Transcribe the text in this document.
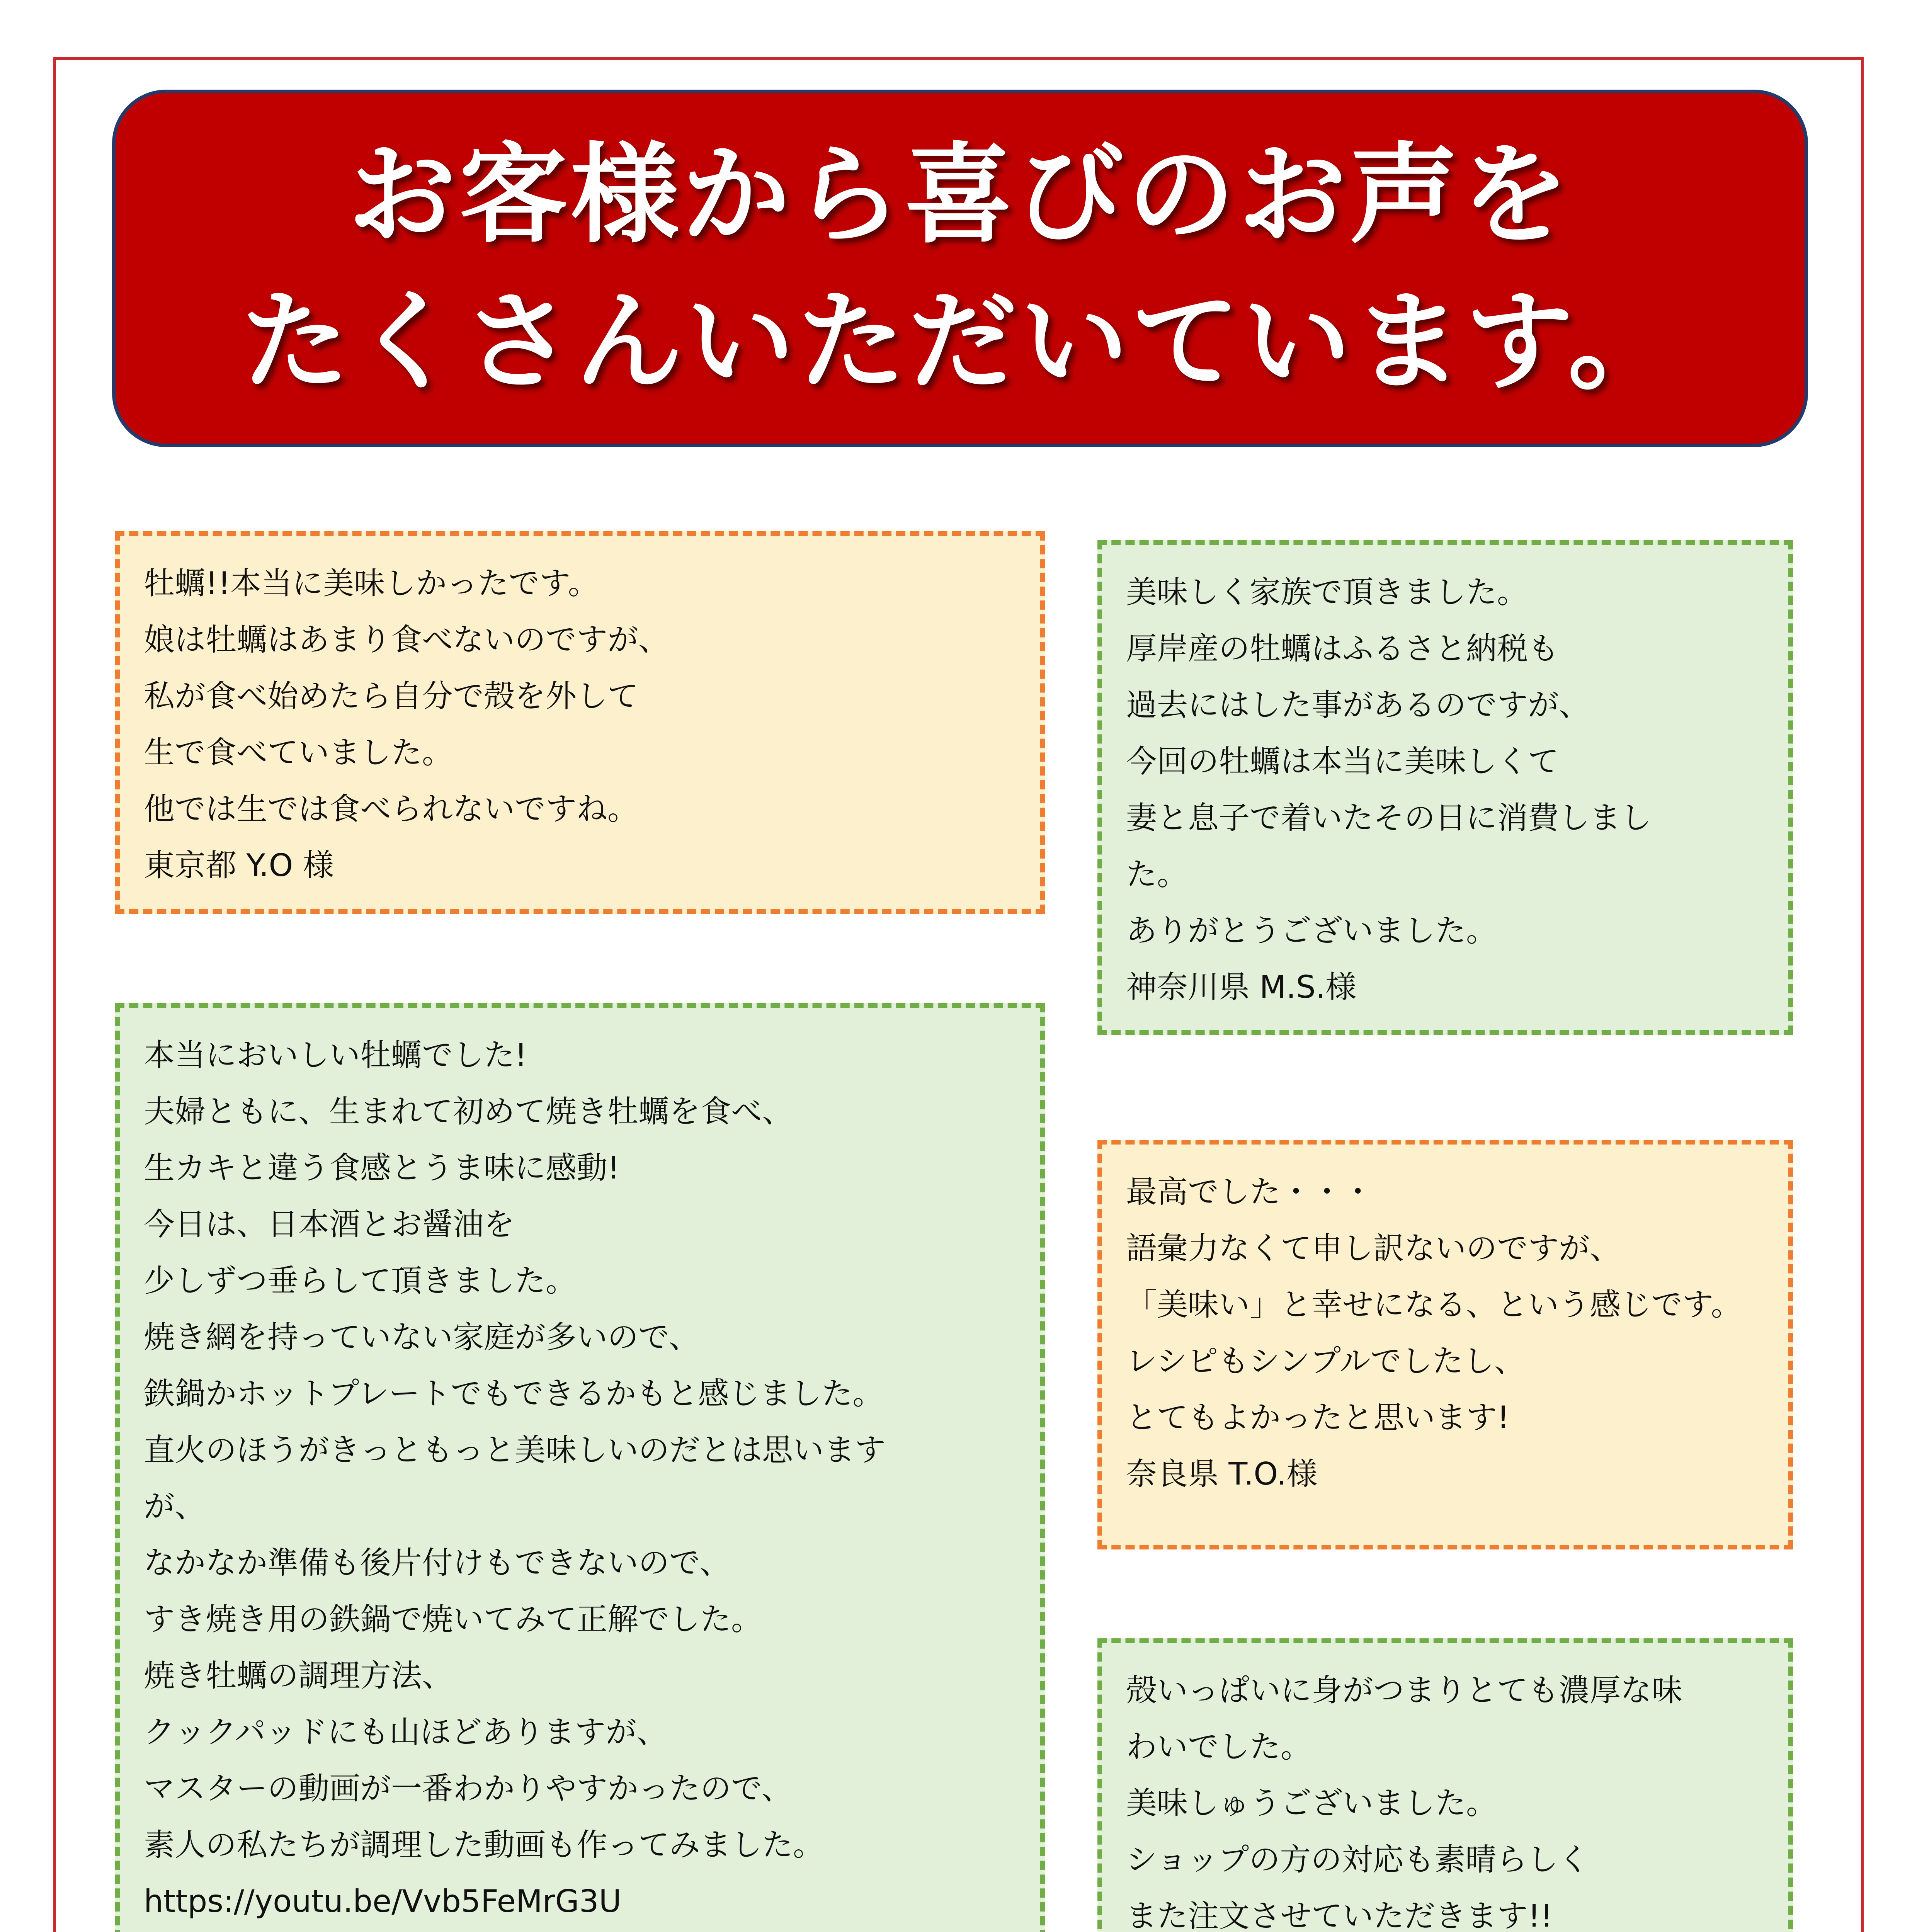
お客様から喜びのお声を
たくさんいただいています。
牡蠣!!本当に美味しかったです。
娘は牡蠣はあまり食べないのですが、
私が食べ始めたら自分で殻を外して
生で食べていました。
他では生では食べられないですね。
東京都 Y.O 様
美味しく家族で頂きました。
厚岸産の牡蠣はふるさと納税も
過去にはした事があるのですが、
今回の牡蠣は本当に美味しくて
妻と息子で着いたその日に消費しまし
た。
ありがとうございました。
神奈川県 M.S.様
本当においしい牡蠣でした!
夫婦ともに、生まれて初めて焼き牡蠣を食べ、
生カキと違う食感とうま味に感動!
今日は、日本酒とお醤油を
少しずつ垂らして頂きました。
焼き網を持っていない家庭が多いので、
鉄鍋かホットプレートでもできるかもと感じました。
直火のほうがきっともっと美味しいのだとは思います
が、
なかなか準備も後片付けもできないので、
すき焼き用の鉄鍋で焼いてみて正解でした。
焼き牡蠣の調理方法、
クックパッドにも山ほどありますが、
マスターの動画が一番わかりやすかったので、
素人の私たちが調理した動画も作ってみました。
https://youtu.be/Vvb5FeMrG3U
最高でした・・・
語彙力なくて申し訳ないのですが、
「美味い」と幸せになる、という感じです。
レシピもシンプルでしたし、
とてもよかったと思います!
奈良県 T.O.様
殻いっぱいに身がつまりとても濃厚な味
わいでした。
美味しゅうございました。
ショップの方の対応も素晴らしく
また注文させていただきます!!
